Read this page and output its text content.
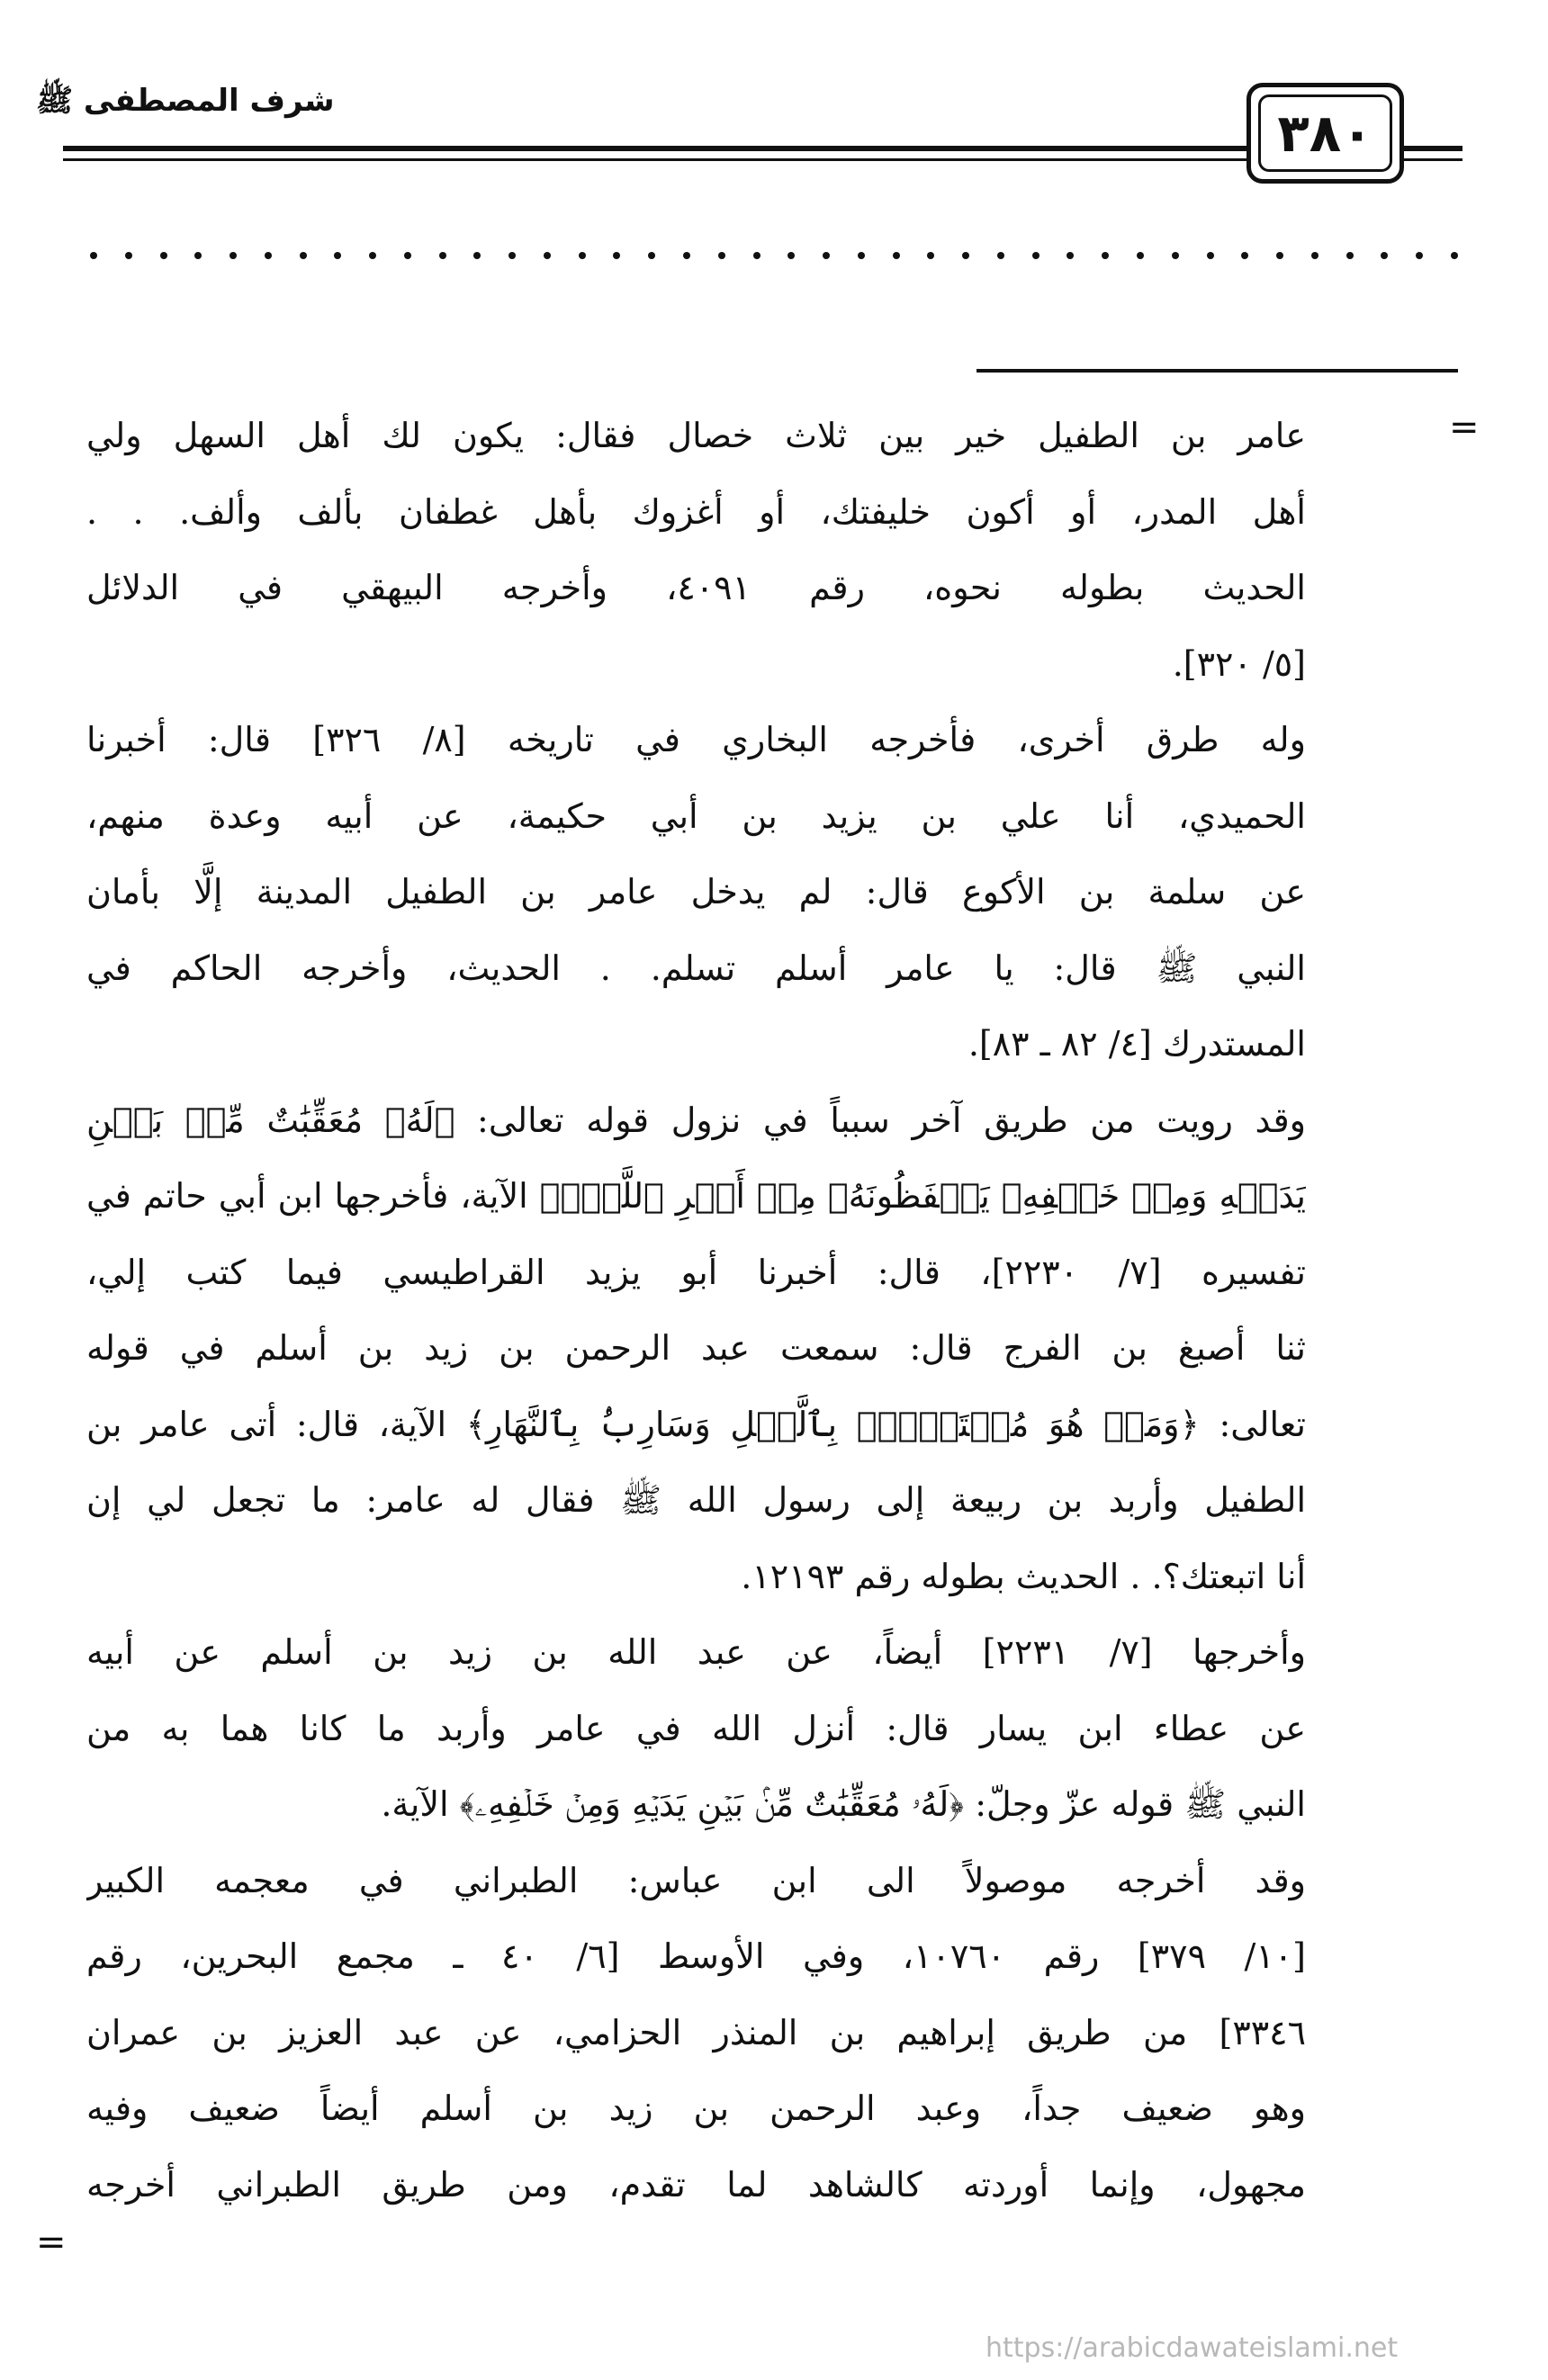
٣٨٠
شرف المصطفى ﷺ
=
=
عامر بن الطفيل خير بين ثلاث خصال فقال: يكون لك أهل السهل ولي
أهل المدر، أو أكون خليفتك، أو أغزوك بأهل غطفان بألف وألف. . .
الحديث بطوله نحوه، رقم ٤٠٩١، وأخرجه البيهقي في الدلائل
[٥/ ٣٢٠].
وله طرق أخرى، فأخرجه البخاري في تاريخه [٨/ ٣٢٦] قال: أخبرنا
الحميدي، أنا علي بن يزيد بن أبي حكيمة، عن أبيه وعدة منهم،
عن سلمة بن الأكوع قال: لم يدخل عامر بن الطفيل المدينة إلَّا بأمان
النبي ﷺ قال: يا عامر أسلم تسلم. . الحديث، وأخرجه الحاكم في
المستدرك [٤/ ٨٢ ـ ٨٣].
وقد رويت من طريق آخر سبباً في نزول قوله تعالى: ﴿لَهُۥ مُعَقِّبَٰتٌ مِّنۢ بَيۡنِ
يَدَيۡهِ وَمِنۡ خَلۡفِهِۦ يَحۡفَظُونَهُۥ مِنۡ أَمۡرِ ٱللَّهِۗ﴾ الآية، فأخرجها ابن أبي حاتم في
تفسيره [٧/ ٢٢٣٠]، قال: أخبرنا أبو يزيد القراطيسي فيما كتب إلي،
ثنا أصبغ بن الفرج قال: سمعت عبد الرحمن بن زيد بن أسلم في قوله
تعالى: ﴿وَمَنۡ هُوَ مُسۡتَخۡفِۭ بِٱلَّيۡلِ وَسَارِبُۢ بِٱلنَّهَارِ﴾ الآية، قال: أتى عامر بن
الطفيل وأربد بن ربيعة إلى رسول الله ﷺ فقال له عامر: ما تجعل لي إن
أنا اتبعتك؟. . الحديث بطوله رقم ١٢١٩٣.
وأخرجها [٧/ ٢٢٣١] أيضاً، عن عبد الله بن زيد بن أسلم عن أبيه
عن عطاء ابن يسار قال: أنزل الله في عامر وأربد ما كانا هما به من
النبي ﷺ قوله عزّ وجلّ: ﴿لَهُۥ مُعَقِّبَٰتٌ مِّنۢ بَيۡنِ يَدَيۡهِ وَمِنۡ خَلۡفِهِۦ﴾ الآية.
وقد أخرجه موصولاً الى ابن عباس: الطبراني في معجمه الكبير
[١٠/ ٣٧٩] رقم ١٠٧٦٠، وفي الأوسط [٦/ ٤٠ ـ مجمع البحرين، رقم
٣٣٤٦] من طريق إبراهيم بن المنذر الحزامي، عن عبد العزيز بن عمران
وهو ضعيف جداً، وعبد الرحمن بن زيد بن أسلم أيضاً ضعيف وفيه
مجهول، وإنما أوردته كالشاهد لما تقدم، ومن طريق الطبراني أخرجه
https://arabicdawateislami.net
